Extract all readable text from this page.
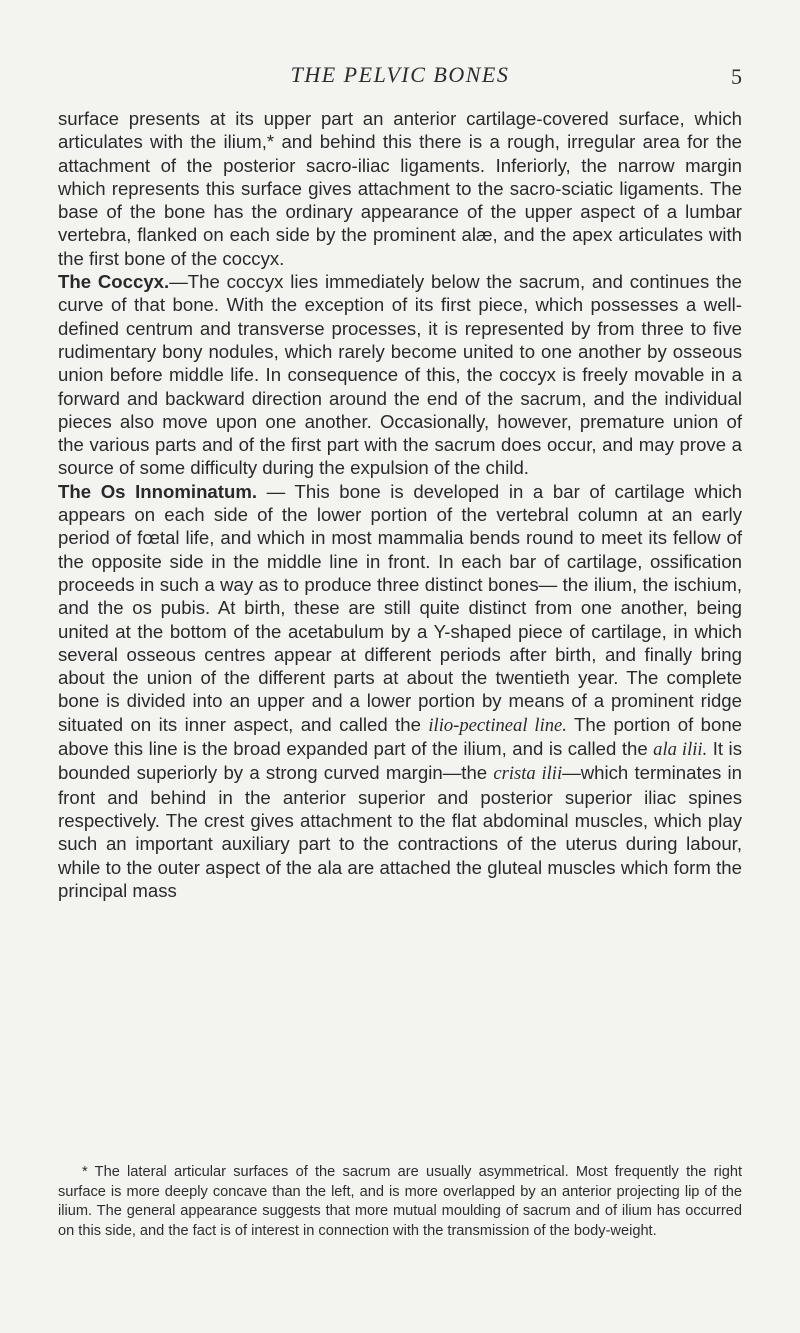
THE PELVIC BONES	5

surface presents at its upper part an anterior cartilage-covered surface, which articulates with the ilium,* and behind this there is a rough, irregular area for the attachment of the posterior sacro-iliac ligaments. Inferiorly, the narrow margin which represents this surface gives attachment to the sacro-sciatic ligaments. The base of the bone has the ordinary appearance of the upper aspect of a lumbar vertebra, flanked on each side by the prominent alæ, and the apex articulates with the first bone of the coccyx.

The Coccyx.—The coccyx lies immediately below the sacrum, and continues the curve of that bone. With the exception of its first piece, which possesses a well-defined centrum and transverse processes, it is represented by from three to five rudimentary bony nodules, which rarely become united to one another by osseous union before middle life. In consequence of this, the coccyx is freely movable in a forward and backward direction around the end of the sacrum, and the individual pieces also move upon one another. Occasionally, however, premature union of the various parts and of the first part with the sacrum does occur, and may prove a source of some difficulty during the expulsion of the child.

The Os Innominatum. — This bone is developed in a bar of cartilage which appears on each side of the lower portion of the vertebral column at an early period of fœtal life, and which in most mammalia bends round to meet its fellow of the opposite side in the middle line in front. In each bar of cartilage, ossification proceeds in such a way as to produce three distinct bones— the ilium, the ischium, and the os pubis. At birth, these are still quite distinct from one another, being united at the bottom of the acetabulum by a Y-shaped piece of cartilage, in which several osseous centres appear at different periods after birth, and finally bring about the union of the different parts at about the twentieth year. The complete bone is divided into an upper and a lower portion by means of a prominent ridge situated on its inner aspect, and called the ilio-pectineal line. The portion of bone above this line is the broad expanded part of the ilium, and is called the ala ilii. It is bounded superiorly by a strong curved margin—the crista ilii—which terminates in front and behind in the anterior superior and posterior superior iliac spines respectively. The crest gives attachment to the flat abdominal muscles, which play such an important auxiliary part to the contractions of the uterus during labour, while to the outer aspect of the ala are attached the gluteal muscles which form the principal mass

* The lateral articular surfaces of the sacrum are usually asymmetrical. Most frequently the right surface is more deeply concave than the left, and is more overlapped by an anterior projecting lip of the ilium. The general appearance suggests that more mutual moulding of sacrum and of ilium has occurred on this side, and the fact is of interest in connection with the transmission of the body-weight.
